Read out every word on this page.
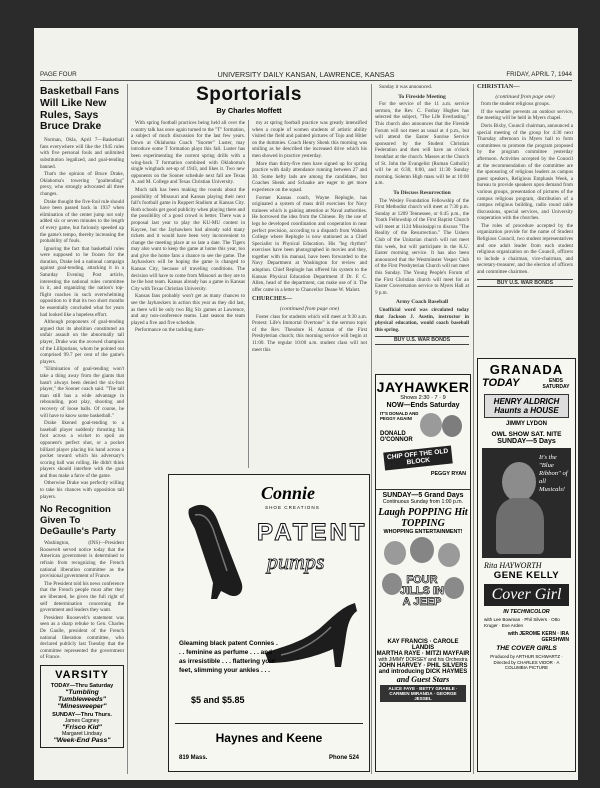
PAGE FOUR	UNIVERSITY DAILY KANSAN, LAWRENCE, KANSAS	FRIDAY, APRIL 7, 1944
Basketball Fans Will Like New Rules, Says Bruce Drake

Norman, Okla, April 7—Basketball fans everywhere will like the 1945 rules with five personal fouls and unlimited substitution legalized, and goal-tending banned.

That's the opinion of Bruce Drake, Oklahoma's towering "goaltending" prexy, who strongly advocated all three changes.

Drake thought the five-foul rule should have been passed back in 1937 when elimination of the center jump not only added six or seven minutes to the length of every game, but furiously speeded up the game's tempo, thereby increasing the probability of fouls.

Ignoring the fact that basketball rules were supposed to be frozen for the duration, Drake led a national campaign against goal-tending, attacking it in a Saturday Evening Post article, interesting the national rules committee in it, and organizing the nation's top-flight coaches in such overwhelming opposition to it that its two short months be essentially concluded what for years had looked like a hopeless effort.

Although proponents of goal-tending argued that its abolition constituted an unfair assault on the abnormally tall player, Drake was the avowed champion of the Lilliputians, whom he pointed out comprised 99.7 per cent of the game's players.

"Elimination of goal-tending won't take a thing away from the giants that hasn't always been denied the six-foot player," the Sooner coach said. "The tall man still has a wide advantage in rebounding, post play, shooting and recovery of loose balls. Of course, he will have to know some basketball."

Drake likened goal-tending to a baseball player suddenly thrusting his foot across a wicket to spoil an opponent's perfect shot, or a pocket billiard player placing his hand across a pocket toward which his adversary's scoring ball was rolling. He didn't think players should interfere with the goal and thus make a farce of the game.

Otherwise Drake was perfectly willing to take his chances with opposition tall players.

No Recognition Given To DeGaulle's Party

Washington, (INS)—President Roosevelt served notice today that the American government is determined to refrain from recognizing the French national liberation committee as the provisional government of France.

The President told his news conference that the French people must after they are liberated, be given the full right of self determination concerning the government and leaders they want.

President Roosevelt's statement was seen as a sharp rebuke to Gen. Charles De Gaulle, president of the French national liberation committee, who declared publicly last Tuesday that the committee represented the government of France.

VARSITY
TODAY—Thru Saturday
"Tumbling Tumbleweeds"
"Minesweeper"
SUNDAY—Thru Thurs.
James Cagney
"Frisco Kid"
Margaret Lindsay
"Week-End Pass"
Sportorials
By Charles Moffett

With spring football practices being held all over the country talk has once again turned to the "T" formation, a subject of much discussion for the last few years. Down at Oklahoma Coach "Snorter" Luster, may introduce some T formation plays this fall. Luster has been experimenting the current spring drills with a wing-back T formation combined with Oklahoma's single wingback set-up of 1943, and likes it. Two new opponents on the Sooner schedule next fall are Texas A. and M. College and Texas Christian University.

Much talk has been making the rounds about the possibility of Missouri and Kansas playing their next fall's football game in Ruppert Stadium at Kansas City. Both schools get good publicity when playing there and the possibility of a good crowd is better. There was a proposal last year to play the KU-MU contest in Kaycee, but the Jayhawkers had already sold many tickets and it would have been very inconvenient to change the meeting place at so late a date. The Tigers may also want to keep the game at home this year, too and give the home fans a chance to see the game. The Jayhawkers will be hoping the game is changed to Kansas City, because of traveling conditions. The decision will have to come from Missouri as they are to be the host team. Kansas already has a game in Kansas City with Texas Christian University.

Kansas fans probably won't get as many chances to see the Jayhawkers in action this year as they did last, as there will be only two Big Six games at Lawrence, and any non-conference teams. Last season the team played a five and five schedule.

Performance on the tackling dum-

my at spring football practice was greatly intensified when a couple of women students of artistic ability visited the field and painted pictures of Tojo and Hitler on the dummies. Coach Henry Shenk this morning was smiling as he described the increased drive which his men showed in practice yesterday.

More than thirty-five men have signed up for spring practice with daily attendance running between 27 and 30. Some hefty lads are among the candidates, but Coaches Shenk and Schaake are eager to get more experience on the squad.

Former Kansas coach, Wayne Replogle, has originated a system of mass drill exercises for Navy trainees which is gaining attention at Naval authorities. He borrowed the idea from the Chinese. By the use of legs he developed coordination and cooperation in near perfect precision, according to a dispatch from Wabash College where Replogle is now stationed as a Chief Specialist in Physical Education. His "leg rhythm" exercises have been photographed in movies and they, together with his manual, have been forwarded to the Navy Department at Washington for review and adoption. Chief Replogle has offered his system to the Kansas Physical Education Department if Dr. F. C. Allen, head of the department, can make use of it. The offer came in a letter to Chancellor Deane W. Malott.

CHURCHES—
(continued from page one)

Foster class for students which will meet at 9:30 a.m. Protest: Life's Immortal Overtone" is the sermon topic of the Rev. Theodore H. Aszman of the First Presbyterian church; this morning service will begin at 11:00. The regular 10:00 a.m. student class will not meet this

Connie
SHOE CREATIONS
PATENT
pumps
Gleaming black patent Connies . . . feminine as perfume . . . and as irresistible . . . flattering your feet, slimming your ankles . . .
$5 and $5.85
Haynes and Keene
819 Mass.	Phone 524

Sunday it was announced.

To Fireside Meeting

For the service of the 11 a.m. service sermon, the Rev. C. Foshay Hughes has selected the subject, "The Life Everlasting." This church also announces that the Fireside Forum will not meet as usual at 4 p.m., but will attend the Easter Sunrise Service sponsored by the Student Christian Federation and then will have an o'clock breakfast at the church. Masses at the Church of St. John the Evangelist (Roman Catholic) will be at 6:30, 8:00, and 11:30 Sunday morning. Solemn High mass will be at 10:00 a.m.

To Discuss Resurrection

The Wesley Foundation Fellowship of the First Methodist church will meet at 7:30 p.m. Sunday at 1209 Tennessee, or 6:45 p.m., the Youth Fellowship of the First Baptist Church will meet at 1124 Mississippi to discuss "The Reality of the Resurrection." The Ushers Club of the Unitarian church will not meet this week, but will participate in the K.U. Easter morning service. It has also been announced that the Westminster Vesper Club of the First Presbyterian Church will not meet this Sunday. The Young People's Forum of the First Christian church will meet for an Easter Conversation service to Myers Hall at 9 p.m.

Army Coach Baseball

Unofficial word was circulated today that Jackson J. Austin, instructor in physical education, would coach baseball this spring.

BUY U.S. WAR BONDS
JAYHAWKER
Shows 2:30 · 7 · 9
NOW—Ends Saturday
IT'S DONALD AND PEGGY AGAIN!
DONALD O'CONNOR
CHIP OFF THE OLD BLOCK
PEGGY RYAN
SUNDAY—5 Grand Days
Continuous Sunday from 1:00 p.m.
Laugh POPPING Hit TOPPING
WHOPPING ENTERTAINMENT!
FOUR JILLS IN A JEEP
KAY FRANCIS · CAROLE LANDIS
MARTHA RAYE · MITZI MAYFAIR
with JIMMY DORSEY and his Orchestra
JOHN HARVEY · PHIL SILVERS
and introducing DICK HAYMES
and Guest Stars
ALICE FAYE · BETTY GRABLE · CARMEN MIRANDA · GEORGE JESSEL
CHRISTIAN—
(continued from page one)

from the student religious groups.

If the weather prevents an outdoor service, the meeting will be held in Myers chapel.

Doris Bixby, Council chairman, announced a special meeting of the group for 4:30 next Thursday afternoon in Myers hall to form committees to promote the program proposed by the program committee yesterday afternoon. Activities accepted by the Council at the recommendation of the committee are the sponsoring of religious leaders as campus guest speakers, Religious Emphasis Week, a bureau to provide speakers upon demand from various groups, presentation of pictures of the campus religious program, distribution of a campus religious building, radio round table discussions, special services, and University cooperation with the churches.

The roles of procedure accepted by the organization provide for the name of Student Religious Council, two student representatives and one adult leader from each student religious organization on the Council, officers to include a chairman, vice-chairman, and secretary-treasurer, and the election of officers and committee chairmen.

BUY U.S. WAR BONDS
GRANADA
TODAY	ENDS SATURDAY
HENRY ALDRICH Haunts a HOUSE
JIMMY LYDON
OWL SHOW SAT. NITE
SUNDAY—5 Days
It's the "Blue Ribbon" of all Musicals!
Rita HAYWORTH
GENE KELLY
Cover Girl
IN TECHNICOLOR
with Lee Bowman · Phil Silvers · Otto Kruger · Eve Arden
with JEROME KERN · IRA GERSHWIN
THE COVER GIRLS
Produced by ARTHUR SCHWARTZ · Directed by CHARLES VIDOR · A COLUMBIA PICTURE
